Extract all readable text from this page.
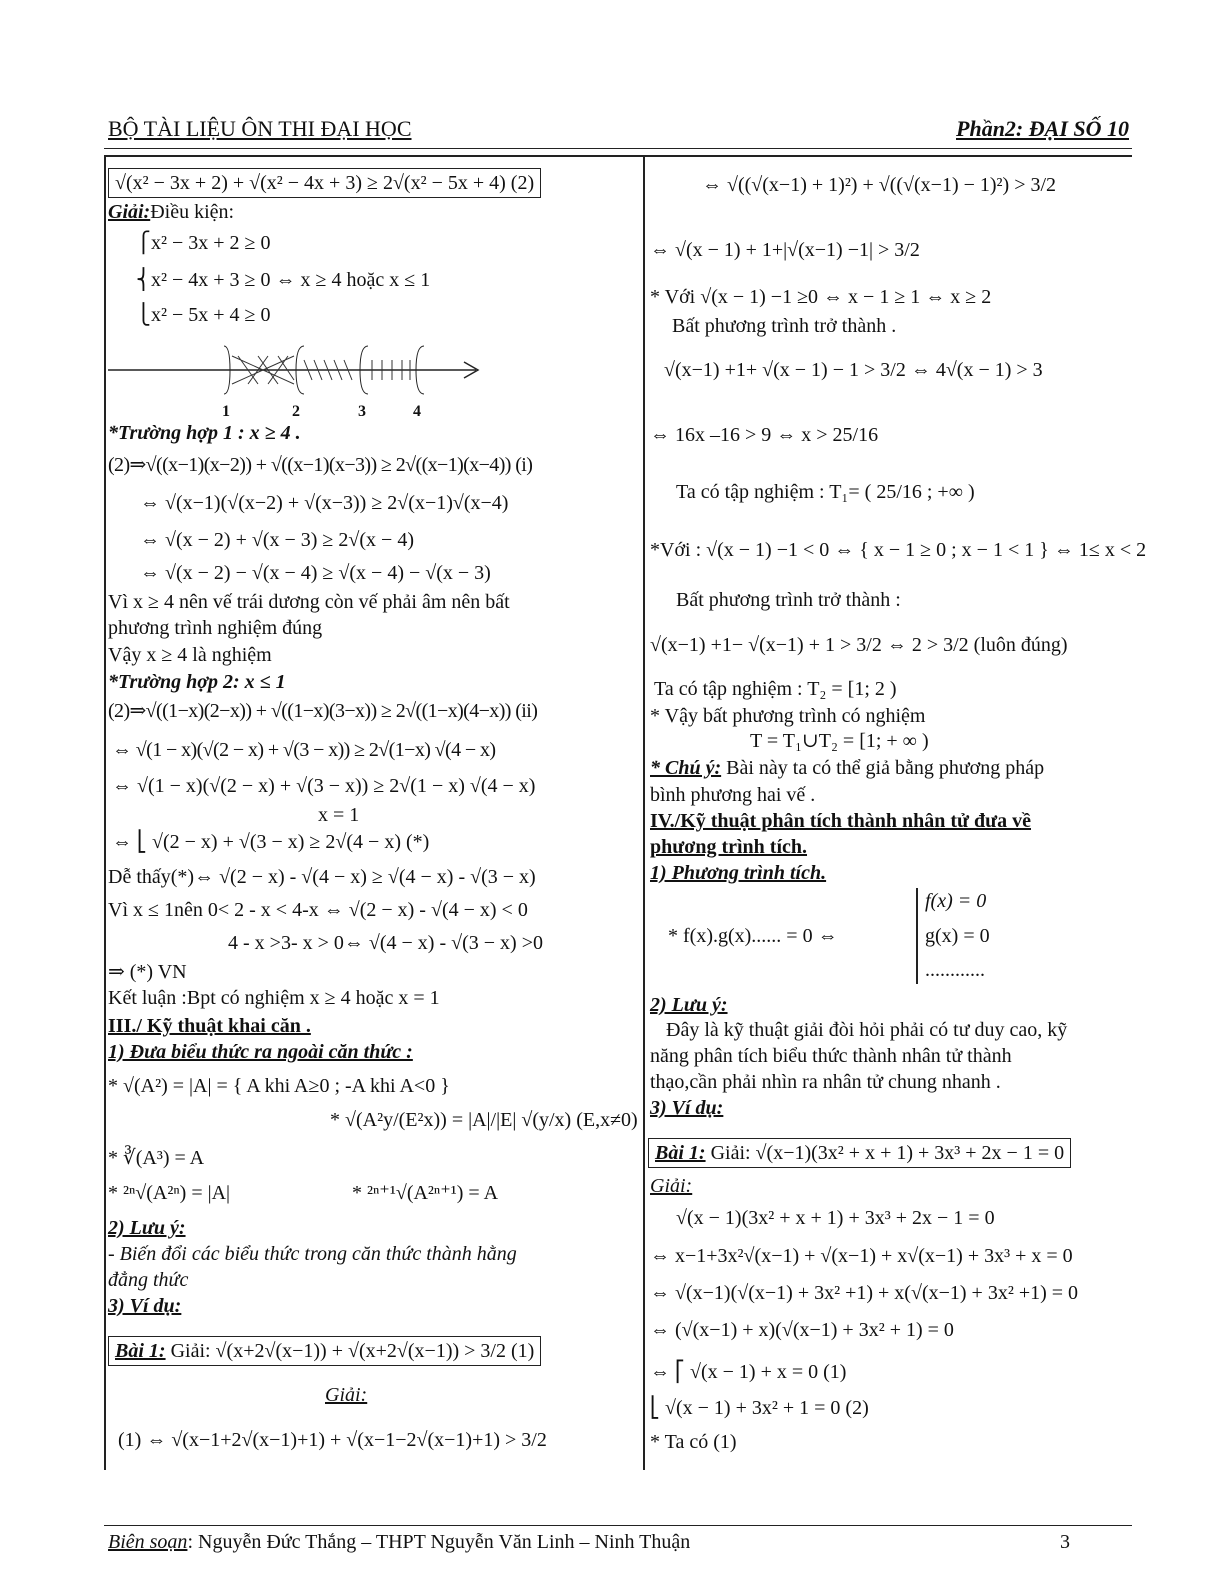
BỘ TÀI LIỆU ÔN THI ĐẠI HỌC	Phần2: ĐẠI SỐ 10
1	2	3	4
√(x² − 3x + 2) + √(x² − 4x + 3) ≥ 2√(x² − 5x + 4) (2)
Giải:Điều kiện:
⎧x² − 3x + 2 ≥ 0
⎨x² − 4x + 3 ≥ 0 ⇔ x ≥ 4 hoặc x ≤ 1
⎩x² − 5x + 4 ≥ 0
*Trường hợp 1 : x ≥ 4 .
(2)⇒√((x−1)(x−2)) + √((x−1)(x−3)) ≥ 2√((x−1)(x−4)) (i)
⇔ √(x−1)(√(x−2) + √(x−3)) ≥ 2√(x−1)√(x−4)
⇔ √(x − 2) + √(x − 3) ≥ 2√(x − 4)
⇔ √(x − 2) − √(x − 4) ≥ √(x − 4) − √(x − 3)
Vì x ≥ 4 nên vế trái dương còn vế phải âm nên bất
phương trình nghiệm đúng
Vậy x ≥ 4 là nghiệm
*Trường hợp 2: x ≤ 1
(2)⇒√((1−x)(2−x)) + √((1−x)(3−x)) ≥ 2√((1−x)(4−x)) (ii)
⇔ √(1 − x)(√(2 − x) + √(3 − x)) ≥ 2√(1−x) √(4 − x)
⇔ √(1 − x)(√(2 − x) + √(3 − x)) ≥ 2√(1 − x) √(4 − x)
x = 1
⇔ ⎣ √(2 − x) + √(3 − x) ≥ 2√(4 − x) (*)
Dễ thấy(*)⇔ √(2 − x) - √(4 − x) ≥ √(4 − x) - √(3 − x)
Vì x ≤ 1nên 0< 2 - x < 4-x ⇔ √(2 − x) - √(4 − x) < 0
4 - x >3- x > 0⇔ √(4 − x) - √(3 − x) >0
⇒ (*) VN
Kết luận :Bpt có nghiệm x ≥ 4 hoặc x = 1
III./ Kỹ thuật khai căn .
1) Đưa biểu thức ra ngoài căn thức :
* √(A²) = |A| = { A khi A≥0 ; -A khi A<0 }
* √(A²y/(E²x)) = |A|/|E| √(y/x) (E,x≠0)
* ∛(A³) = A
* ²ⁿ√(A²ⁿ) = |A|	* ²ⁿ⁺¹√(A²ⁿ⁺¹) = A
2) Lưu ý:
- Biến đổi các biểu thức trong căn thức thành hằng
đẳng thức
3) Ví dụ:
Bài 1: Giải: √(x+2√(x−1)) + √(x+2√(x−1)) > 3/2 (1)
Giải:
(1) ⇔ √(x−1+2√(x−1)+1) + √(x−1−2√(x−1)+1) > 3/2
⇔ √((√(x−1) + 1)²) + √((√(x−1) − 1)²) > 3/2
⇔ √(x − 1) + 1+|√(x−1) −1| > 3/2
* Với √(x − 1) −1 ≥0 ⇔ x − 1 ≥ 1 ⇔ x ≥ 2
Bất phương trình trở thành .
√(x−1) +1+ √(x − 1) − 1 > 3/2 ⇔ 4√(x − 1) > 3
⇔ 16x –16 > 9 ⇔ x > 25/16
Ta có tập nghiệm : T₁= ( 25/16 ; +∞ )
*Với : √(x − 1) −1 < 0 ⇔ { x − 1 ≥ 0 ; x − 1 < 1 } ⇔ 1≤ x < 2
Bất phương trình trở thành :
√(x−1) +1− √(x−1) + 1 > 3/2 ⇔ 2 > 3/2 (luôn đúng)
Ta có tập nghiệm : T₂ = [1; 2 )
* Vậy bất phương trình có nghiệm
T = T₁∪T₂ = [1; + ∞ )
* Chú ý: Bài này ta có thể giả bằng phương pháp
bình phương hai vế .
IV./Kỹ thuật phân tích thành nhân tử đưa về
phương trình tích.
1) Phương trình tích.
* f(x).g(x)...... = 0 ⇔
f(x) = 0
g(x) = 0
............
2) Lưu ý:
Đây là kỹ thuật giải đòi hỏi phải có tư duy cao, kỹ
năng phân tích biểu thức thành nhân tử thành
thạo,cần phải nhìn ra nhân tử chung nhanh .
3) Ví dụ:
Bài 1: Giải: √(x−1)(3x² + x + 1) + 3x³ + 2x − 1 = 0
Giải:
√(x − 1)(3x² + x + 1) + 3x³ + 2x − 1 = 0
⇔ x−1+3x²√(x−1) + √(x−1) + x√(x−1) + 3x³ + x = 0
⇔ √(x−1)(√(x−1) + 3x² +1) + x(√(x−1) + 3x² +1) = 0
⇔ (√(x−1) + x)(√(x−1) + 3x² + 1) = 0
⇔ ⎡ √(x − 1) + x = 0 (1)
⎣ √(x − 1) + 3x² + 1 = 0 (2)
* Ta có (1)
Biên soạn: Nguyễn Đức Thắng – THPT Nguyễn Văn Linh – Ninh Thuận	3
